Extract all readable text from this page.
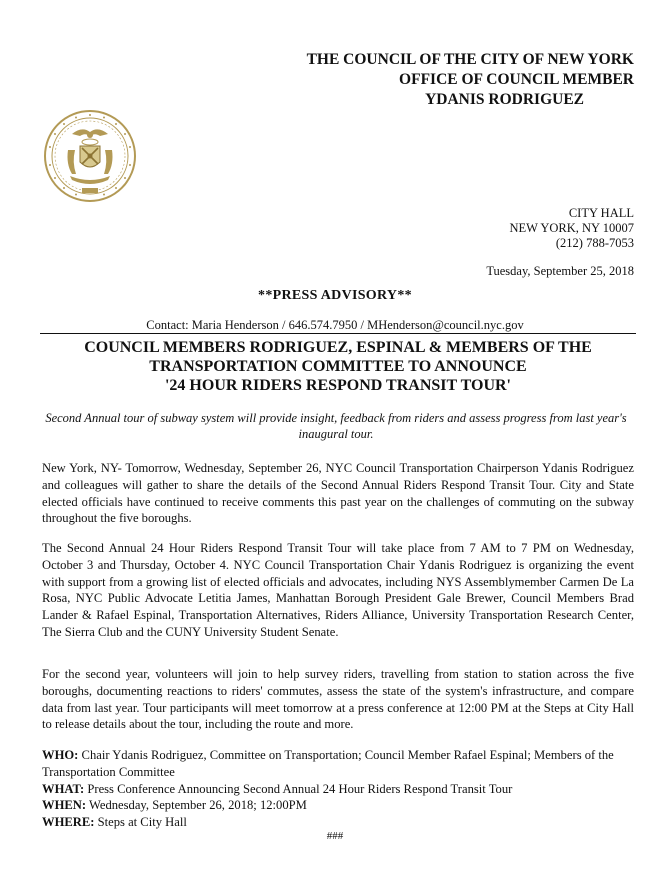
THE COUNCIL OF THE CITY OF NEW YORK
OFFICE OF COUNCIL MEMBER
YDANIS RODRIGUEZ
CITY HALL
NEW YORK, NY 10007
(212) 788-7053
Tuesday, September 25, 2018
**PRESS ADVISORY**
Contact: Maria Henderson / 646.574.7950 / MHenderson@council.nyc.gov
COUNCIL MEMBERS RODRIGUEZ, ESPINAL & MEMBERS OF THE
TRANSPORTATION COMMITTEE TO ANNOUNCE
'24 HOUR RIDERS RESPOND TRANSIT TOUR'
Second Annual tour of subway system will provide insight, feedback from riders and assess progress from last year's inaugural tour.
New York, NY- Tomorrow, Wednesday, September 26, NYC Council Transportation Chairperson Ydanis Rodriguez and colleagues will gather to share the details of the Second Annual Riders Respond Transit Tour. City and State elected officials have continued to receive comments this past year on the challenges of commuting on the subway throughout the five boroughs.
The Second Annual 24 Hour Riders Respond Transit Tour will take place from 7 AM to 7 PM on Wednesday, October 3 and Thursday, October 4. NYC Council Transportation Chair Ydanis Rodriguez is organizing the event with support from a growing list of elected officials and advocates, including NYS Assemblymember Carmen De La Rosa, NYC Public Advocate Letitia James, Manhattan Borough President Gale Brewer, Council Members Brad Lander & Rafael Espinal, Transportation Alternatives, Riders Alliance, University Transportation Research Center, The Sierra Club and the CUNY University Student Senate.
For the second year, volunteers will join to help survey riders, travelling from station to station across the five boroughs, documenting reactions to riders' commutes, assess the state of the system's infrastructure, and compare data from last year. Tour participants will meet tomorrow at a press conference at 12:00 PM at the Steps at City Hall to release details about the tour, including the route and more.
WHO: Chair Ydanis Rodriguez, Committee on Transportation; Council Member Rafael Espinal; Members of the Transportation Committee
WHAT: Press Conference Announcing Second Annual 24 Hour Riders Respond Transit Tour
WHEN: Wednesday, September 26, 2018; 12:00PM
WHERE: Steps at City Hall
###
